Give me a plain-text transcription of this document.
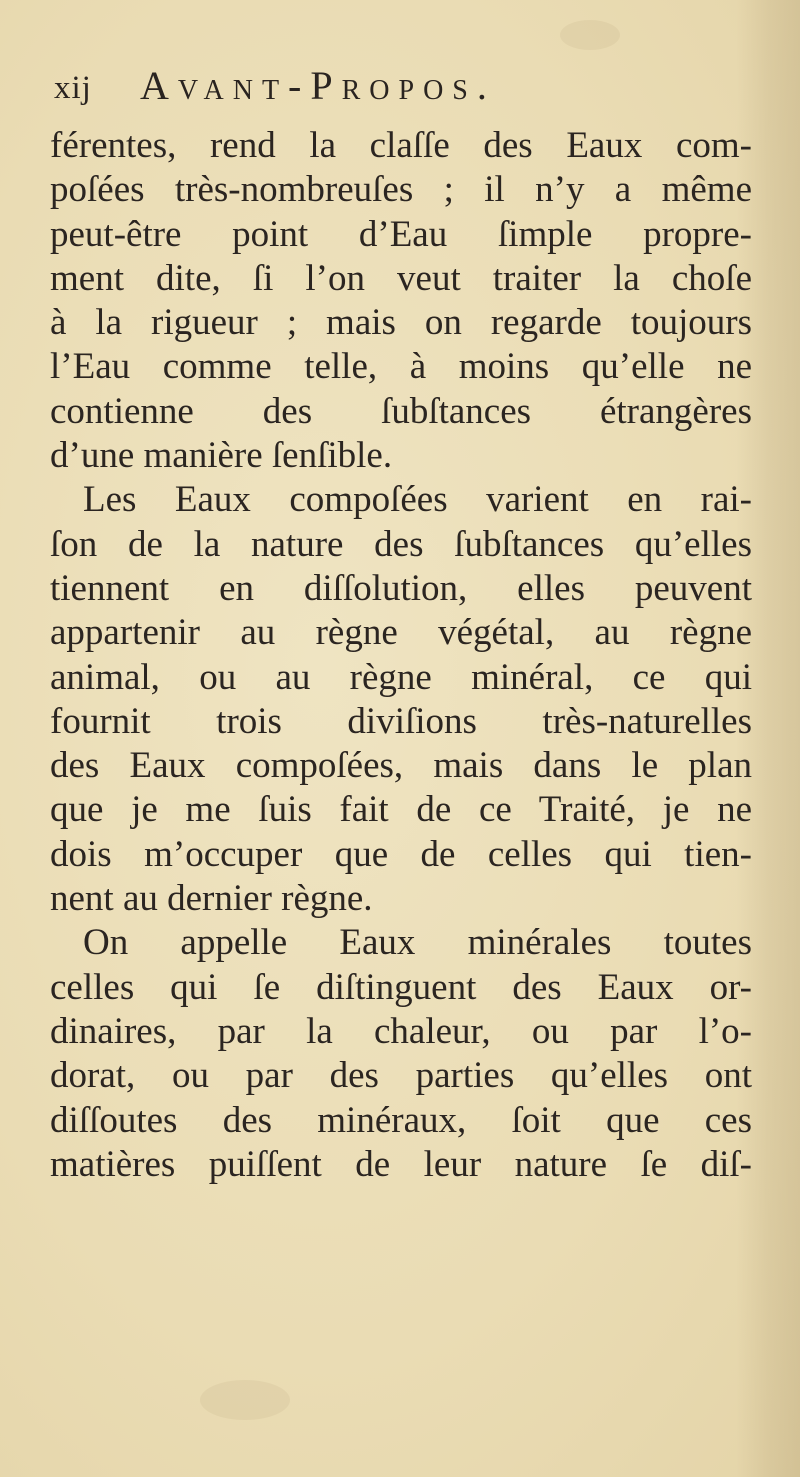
xij Avant-Propos.
férentes, rend la claſſe des Eaux com-
poſées très-nombreuſes ; il n’y a même
peut-être point d’Eau ſimple propre-
ment dite, ſi l’on veut traiter la choſe
à la rigueur ; mais on regarde toujours
l’Eau comme telle, à moins qu’elle ne
contienne des ſubſtances étrangères
d’une manière ſenſible.
Les Eaux compoſées varient en rai-
ſon de la nature des ſubſtances qu’elles
tiennent en diſſolution, elles peuvent
appartenir au règne végétal, au règne
animal, ou au règne minéral, ce qui
fournit trois diviſions très-naturelles
des Eaux compoſées, mais dans le plan
que je me ſuis fait de ce Traité, je ne
dois m’occuper que de celles qui tien-
nent au dernier règne.
On appelle Eaux minérales toutes
celles qui ſe diſtinguent des Eaux or-
dinaires, par la chaleur, ou par l’o-
dorat, ou par des parties qu’elles ont
diſſoutes des minéraux, ſoit que ces
matières puiſſent de leur nature ſe diſ-
